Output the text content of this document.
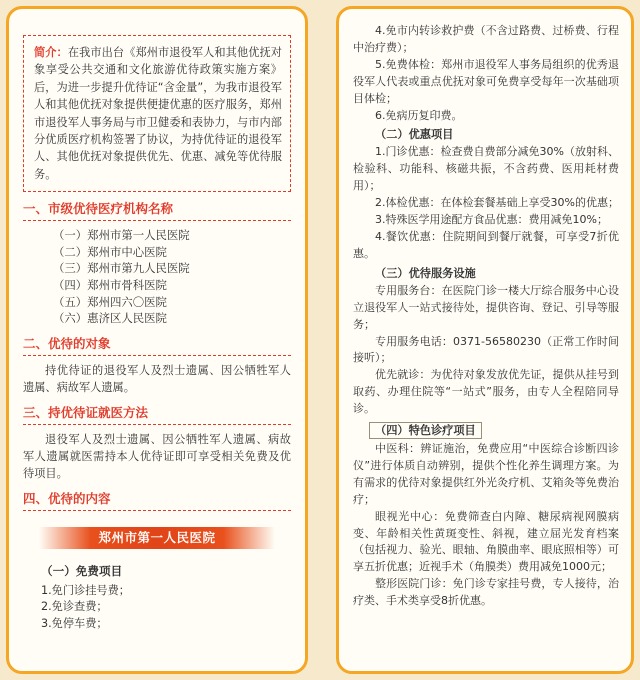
简介：在我市出台《郑州市退役军人和其他优抚对象享受公共交通和文化旅游优待政策实施方案》后，为进一步提升优待证“含金量”，为我市退役军人和其他优抚对象提供便捷优惠的医疗服务，郑州市退役军人事务局与市卫健委和表协力，与市内部分优质医疗机构签署了协议，为持优待证的退役军人、其他优抚对象提供优先、优惠、减免等优待服务。
一、市级优待医疗机构名称
（一）郑州市第一人民医院
（二）郑州市中心医院
（三）郑州市第九人民医院
（四）郑州市骨科医院
（五）郑州四六〇医院
（六）惠济区人民医院
二、优待的对象
持优待证的退役军人及烈士遗属、因公牺牲军人遗属、病故军人遗属。
三、持优待证就医方法
退役军人及烈士遗属、因公牺牲军人遗属、病故军人遗属就医需持本人优待证即可享受相关免费及优待项目。
四、优待的内容
郑州市第一人民医院
（一）免费项目
1.免门诊挂号费；
2.免诊查费；
3.免停车费；
4.免市内转诊救护费（不含过路费、过桥费、行程中治疗费）；
5.免费体检：郑州市退役军人事务局组织的优秀退役军人代表或重点优抚对象可免费享受每年一次基础项目体检；
6.免病历复印费。
（二）优惠项目
1.门诊优惠：检查费自费部分减免30%（放射科、检验科、功能科、核磁共振，不含药费、医用耗材费用）；
2.体检优惠：在体检套餐基础上享受30%的优惠；
3.特殊医学用途配方食品优惠：费用减免10%；
4.餐饮优惠：住院期间到餐厅就餐，可享受7折优惠。
（三）优待服务设施
专用服务台：在医院门诊一楼大厅综合服务中心设立退役军人一站式接待处，提供咨询、登记、引导等服务；
专用服务电话：0371-56580230（正常工作时间接听）；
优先就诊：为优待对象发放优先证，提供从挂号到取药、办理住院等“一站式”服务，由专人全程陪同导诊。
（四）特色诊疗项目
中医科：辨证施治，免费应用“中医综合诊断四诊仪”进行体质自动辨别，提供个性化养生调理方案。为有需求的优待对象提供红外光灸疗机、艾箱灸等免费治疗；
眼视光中心：免费筛查白内障、糖尿病视网膜病变、年龄相关性黄斑变性、斜视，建立屈光发育档案（包括视力、验光、眼轴、角膜曲率、眼底照相等）可享五折优惠；近视手术（角膜类）费用减免1000元；
整形医院门诊：免门诊专家挂号费，专人接待，治疗类、手术类享受8折优惠。
